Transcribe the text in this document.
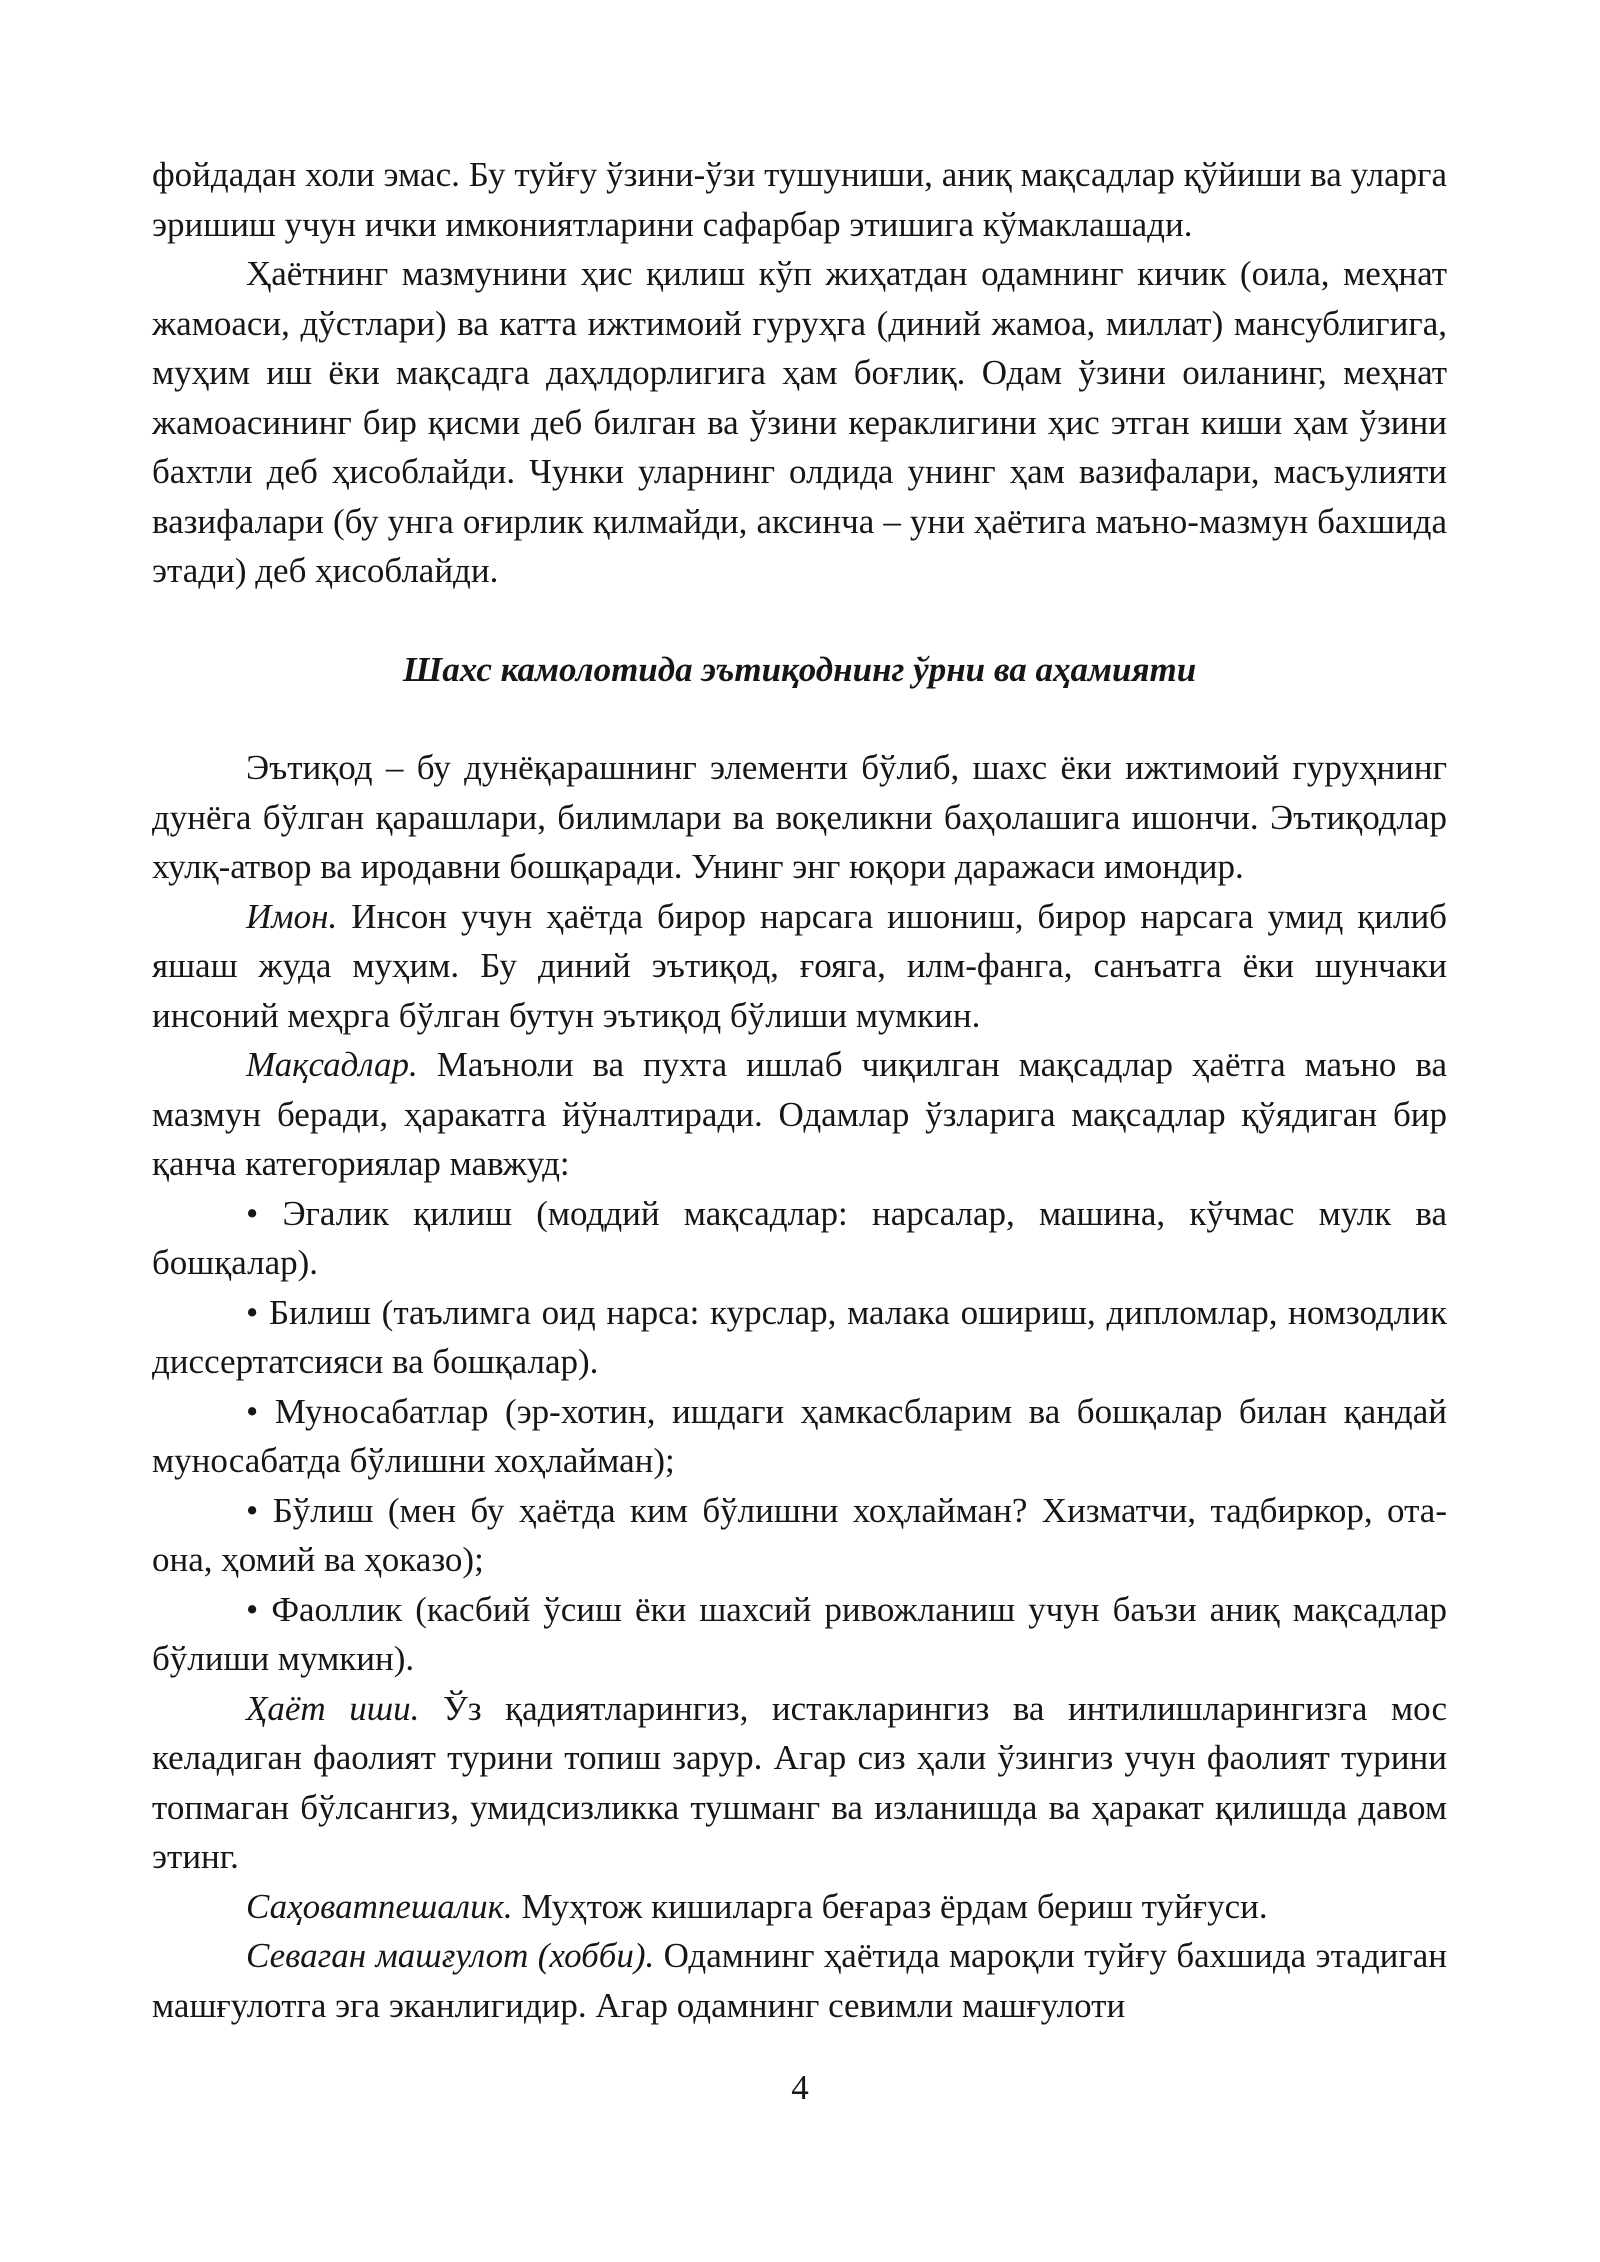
фойдадан холи эмас. Бу туйғу ўзини-ўзи тушуниши, аниқ мақсадлар қўйиши ва уларга эришиш учун ички имкониятларини сафарбар этишига кўмаклашади.

Ҳаётнинг мазмунини ҳис қилиш кўп жиҳатдан одамнинг кичик (оила, меҳнат жамоаси, дўстлари) ва катта ижтимоий гуруҳга (диний жамоа, миллат) мансублигига, муҳим иш ёки мақсадга даҳлдорлигига ҳам боғлиқ. Одам ўзини оиланинг, меҳнат жамоасининг бир қисми деб билган ва ўзини кераклигини ҳис этган киши ҳам ўзини бахтли деб ҳисоблайди. Чунки уларнинг олдида унинг ҳам вазифалари, масъулияти вазифалари (бу унга оғирлик қилмайди, аксинча – уни ҳаётига маъно-мазмун бахшида этади) деб ҳисоблайди.

Шахс камолотида эътиқоднинг ўрни ва аҳамияти

Эътиқод – бу дунёқарашнинг элементи бўлиб, шахс ёки ижтимоий гуруҳнинг дунёга бўлган қарашлари, билимлари ва воқеликни баҳолашига ишончи. Эътиқодлар хулқ-атвор ва иродавни бошқаради. Унинг энг юқори даражаси имондир.

Имон. Инсон учун ҳаётда бирор нарсага ишониш, бирор нарсага умид қилиб яшаш жуда муҳим. Бу диний эътиқод, ғояга, илм-фанга, санъатга ёки шунчаки инсоний меҳрга бўлган бутун эътиқод бўлиши мумкин.

Мақсадлар. Маъноли ва пухта ишлаб чиқилган мақсадлар ҳаётга маъно ва мазмун беради, ҳаракатга йўналтиради. Одамлар ўзларига мақсадлар қўядиган бир қанча категориялар мавжуд:

• Эгалик қилиш (моддий мақсадлар: нарсалар, машина, кўчмас мулк ва бошқалар).

• Билиш (таълимга оид нарса: курслар, малака ошириш, дипломлар, номзодлик диссертатсияси ва бошқалар).

• Муносабатлар (эр-хотин, ишдаги ҳамкасбларим ва бошқалар билан қандай муносабатда бўлишни хоҳлайман);

• Бўлиш (мен бу ҳаётда ким бўлишни хоҳлайман? Хизматчи, тадбиркор, ота-она, ҳомий ва ҳоказо);

• Фаоллик (касбий ўсиш ёки шахсий ривожланиш учун баъзи аниқ мақсадлар бўлиши мумкин).

Ҳаёт иши. Ўз қадиятларингиз, истакларингиз ва интилишларингизга мос келадиган фаолият турини топиш зарур. Агар сиз ҳали ўзингиз учун фаолият турини топмаган бўлсангиз, умидсизликка тушманг ва изланишда ва ҳаракат қилишда давом этинг.

Саҳоватпешалик. Муҳтож кишиларга беғараз ёрдам бериш туйғуси.

Севаган машғулот (хобби). Одамнинг ҳаётида мароқли туйғу бахшида этадиган машғулотга эга эканлигидир. Агар одамнинг севимли машғулоти

4
